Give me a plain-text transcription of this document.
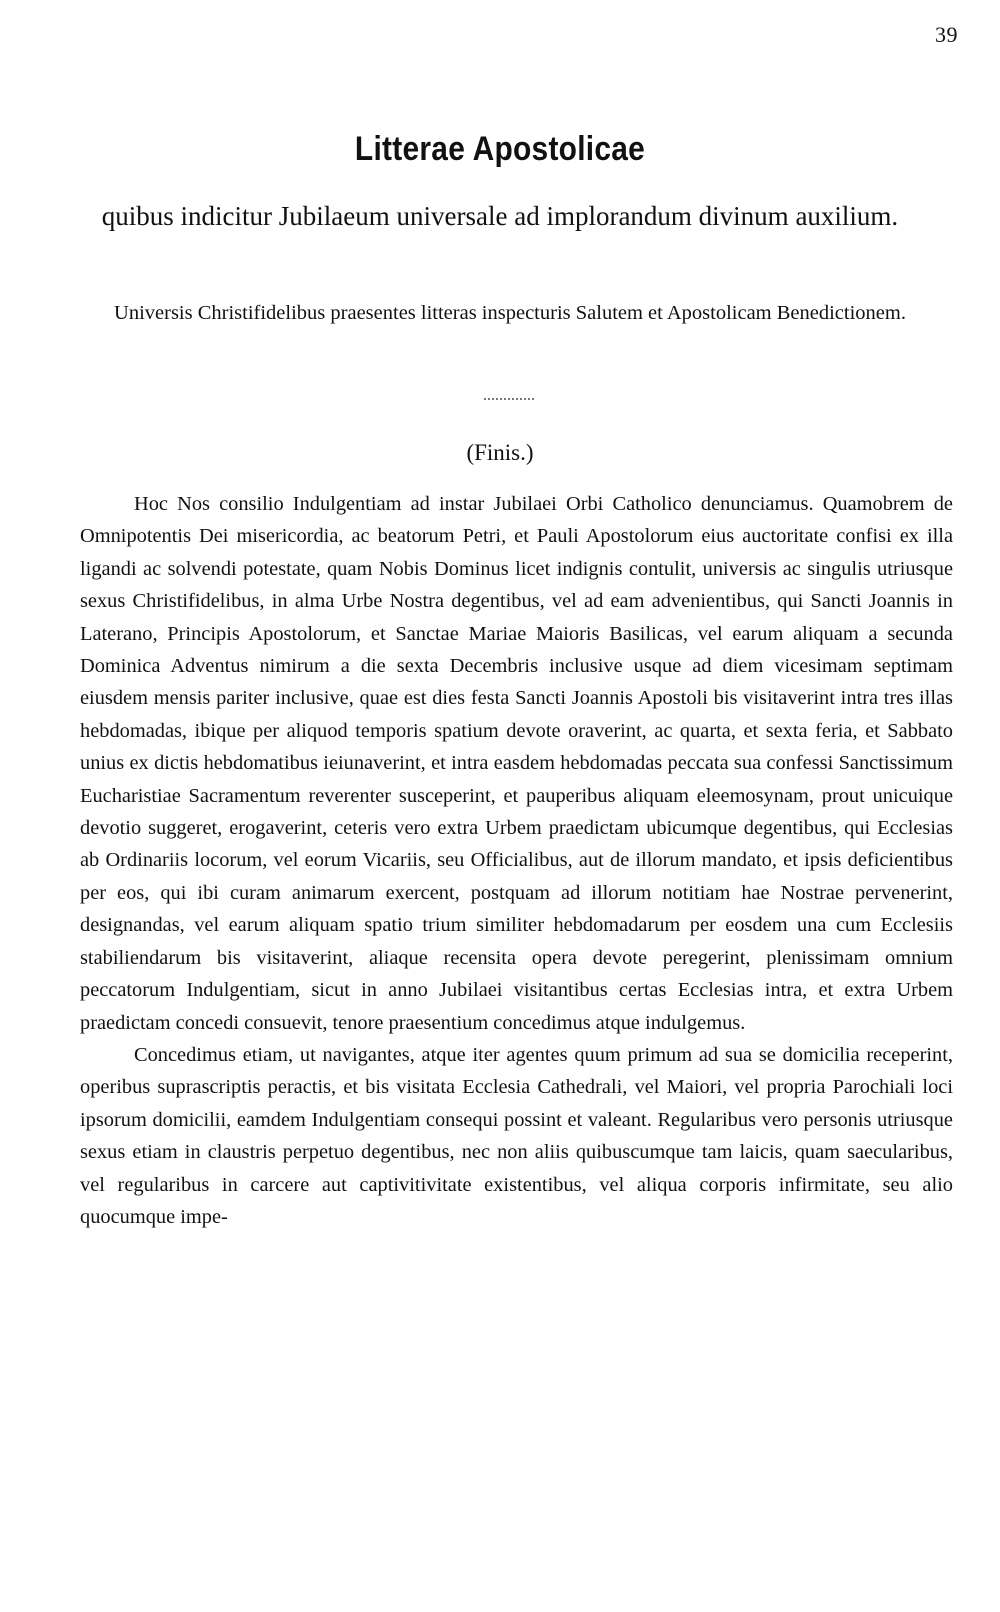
39
Litterae Apostolicae
quibus indicitur Jubilaeum universale ad implorandum divinum auxilium.
Universis Christifidelibus praesentes litteras inspecturis Salutem et Apostolicam Benedictionem.
(Finis.)

Hoc Nos consilio Indulgentiam ad instar Jubilaei Orbi Catholico denunciamus. Quamobrem de Omnipotentis Dei misericordia, ac beatorum Petri, et Pauli Apostolorum eius auctoritate confisi ex illa ligandi ac solvendi potestate, quam Nobis Dominus licet indignis contulit, universis ac singulis utriusque sexus Christifidelibus, in alma Urbe Nostra degentibus, vel ad eam advenientibus, qui Sancti Joannis in Laterano, Principis Apostolorum, et Sanctae Mariae Maioris Basilicas, vel earum aliquam a secunda Dominica Adventus nimirum a die sexta Decembris inclusive usque ad diem vicesimam septimam eiusdem mensis pariter inclusive, quae est dies festa Sancti Joannis Apostoli bis visitaverint intra tres illas hebdomadas, ibique per aliquod temporis spatium devote oraverint, ac quarta, et sexta feria, et Sabbato unius ex dictis hebdomatibus ieiunaverint, et intra easdem hebdomadas peccata sua confessi Sanctissimum Eucharistiae Sacramentum reverenter susceperint, et pauperibus aliquam eleemosynam, prout unicuique devotio suggeret, erogaverint, ceteris vero extra Urbem praedictam ubicumque degentibus, qui Ecclesias ab Ordinariis locorum, vel eorum Vicariis, seu Officialibus, aut de illorum mandato, et ipsis deficientibus per eos, qui ibi curam animarum exercent, postquam ad illorum notitiam hae Nostrae pervenerint, designandas, vel earum aliquam spatio trium similiter hebdomadarum per eosdem una cum Ecclesiis stabiliendarum bis visitaverint, aliaque recensita opera devote peregerint, plenissimam omnium peccatorum Indulgentiam, sicut in anno Jubilaei visitantibus certas Ecclesias intra, et extra Urbem praedictam concedi consuevit, tenore praesentium concedimus atque indulgemus.

Concedimus etiam, ut navigantes, atque iter agentes quum primum ad sua se domicilia receperint, operibus suprascriptis peractis, et bis visitata Ecclesia Cathedrali, vel Maiori, vel propria Parochiali loci ipsorum domicilii, eamdem Indulgentiam consequi possint et valeant. Regularibus vero personis utriusque sexus etiam in claustris perpetuo degentibus, nec non aliis quibuscumque tam laicis, quam saecularibus, vel regularibus in carcere aut captivitivitate existentibus, vel aliqua corporis infirmitate, seu alio quocumque impe-
